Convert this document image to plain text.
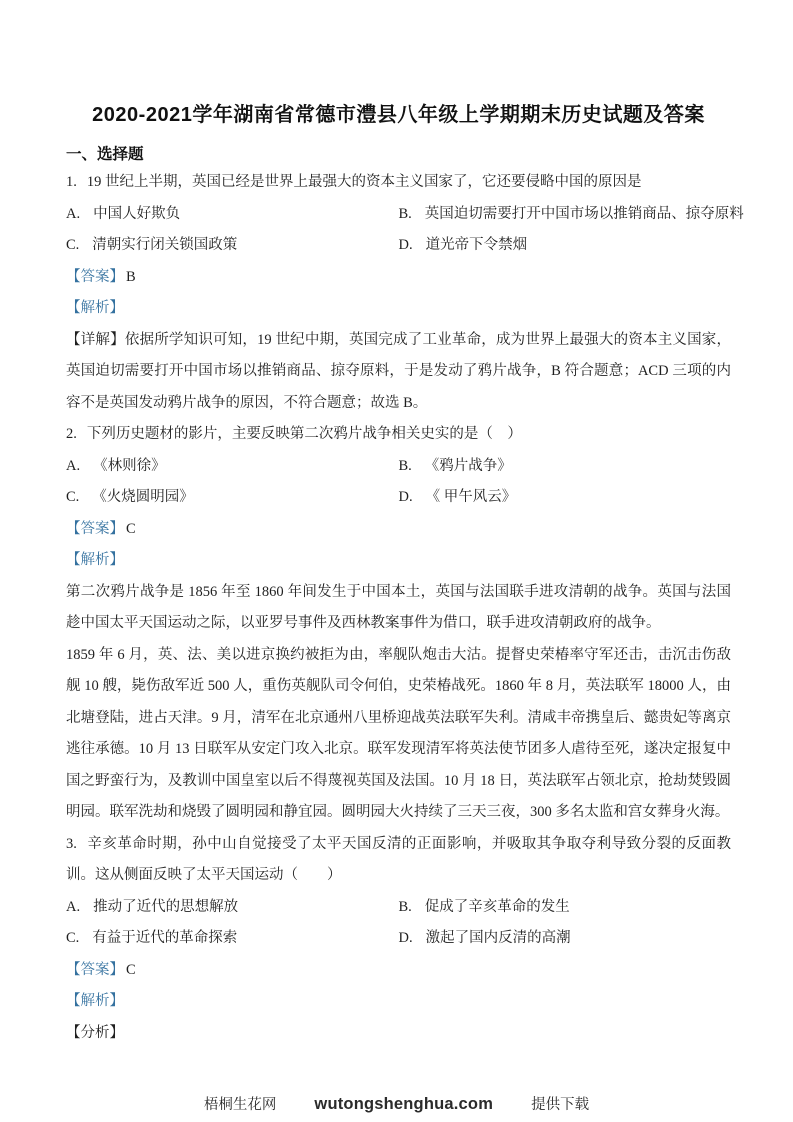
2020-2021学年湖南省常德市澧县八年级上学期期末历史试题及答案
一、选择题

1. 19 世纪上半期，英国已经是世界上最强大的资本主义国家了，它还要侵略中国的原因是

A. 中国人好欺负	B. 英国迫切需要打开中国市场以推销商品、掠夺原料
C. 清朝实行闭关锁国政策	D. 道光帝下令禁烟

【答案】 B

【解析】

【详解】依据所学知识可知，19 世纪中期，英国完成了工业革命，成为世界上最强大的资本主义国家，英国迫切需要打开中国市场以推销商品、掠夺原料，于是发动了鸦片战争，B 符合题意；ACD 三项的内容不是英国发动鸦片战争的原因，不符合题意；故选 B。

2. 下列历史题材的影片，主要反映第二次鸦片战争相关史实的是（　）

A. 《林则徐》	B. 《鸦片战争》
C. 《火烧圆明园》	D. 《 甲午风云》

【答案】 C

【解析】

第二次鸦片战争是 1856 年至 1860 年间发生于中国本土，英国与法国联手进攻清朝的战争。英国与法国趁中国太平天国运动之际，以亚罗号事件及西林教案事件为借口，联手进攻清朝政府的战争。

1859 年 6 月，英、法、美以进京换约被拒为由，率舰队炮击大沽。提督史荣椿率守军还击，击沉击伤敌舰 10 艘，毙伤敌军近 500 人，重伤英舰队司令何伯，史荣椿战死。1860 年 8 月，英法联军 18000 人，由北塘登陆，进占天津。9 月，清军在北京通州八里桥迎战英法联军失利。清咸丰帝携皇后、懿贵妃等离京逃往承德。10 月 13 日联军从安定门攻入北京。联军发现清军将英法使节团多人虐待至死，遂决定报复中国之野蛮行为，及教训中国皇室以后不得蔑视英国及法国。10 月 18 日，英法联军占领北京，抢劫焚毁圆明园。联军洗劫和烧毁了圆明园和静宜园。圆明园大火持续了三天三夜，300 多名太监和宫女葬身火海。

3. 辛亥革命时期，孙中山自觉接受了太平天国反清的正面影响，并吸取其争取夺利导致分裂的反面教训。这从侧面反映了太平天国运动（　　）

A. 推动了近代的思想解放	B. 促成了辛亥革命的发生
C. 有益于近代的革命探索	D. 激起了国内反清的高潮

【答案】 C

【解析】

【分析】

梧桐生花网 wutongshenghua.com	提供下载
